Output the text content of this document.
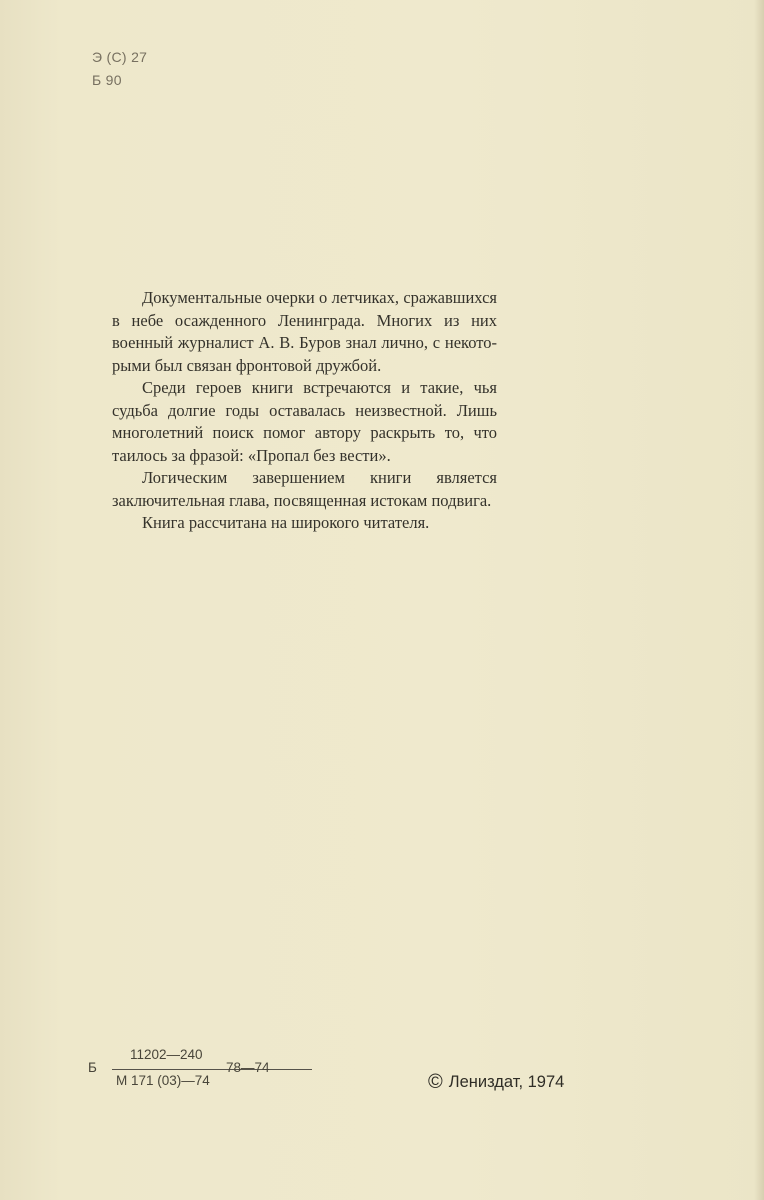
Э (С) 27
Б 90

Документальные очерки о летчиках, сражавшихся в небе осажденного Ленинграда. Многих из них военный журналист А. В. Буров знал лично, с некоторыми был связан фронтовой дружбой.

Среди героев книги встречаются и такие, чья судьба долгие годы оставалась неизвестной. Лишь многолетний поиск помог автору раскрыть то, что таилось за фразой: «Пропал без вести».

Логическим завершением книги является заключительная глава, посвященная истокам подвига.

Книга рассчитана на широкого читателя.

Б
11202—240
М 171 (03)—74
78—74
© Лениздат, 1974
